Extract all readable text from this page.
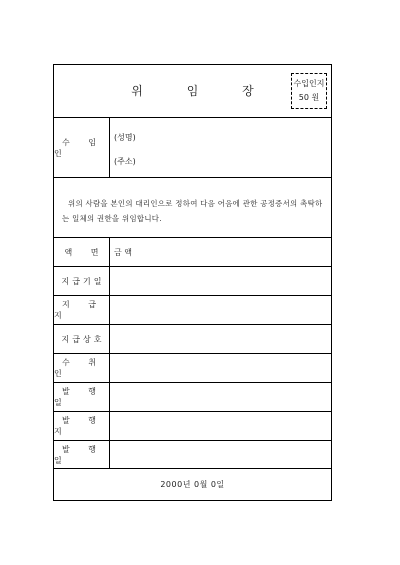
위 임 장
수입인지
50 원
수 임 인
(성명)
(주소)
위의 사람을 본인의 대리인으로 정하여 다음 어음에 관한 공정증서의 촉탁하는 일체의 권한을 위임합니다.
액 면 금 액
지급기일
지 급 지
지급상호
수 취 인
발 행 일
발 행 지
발 행 일
2000년 0월 0일
